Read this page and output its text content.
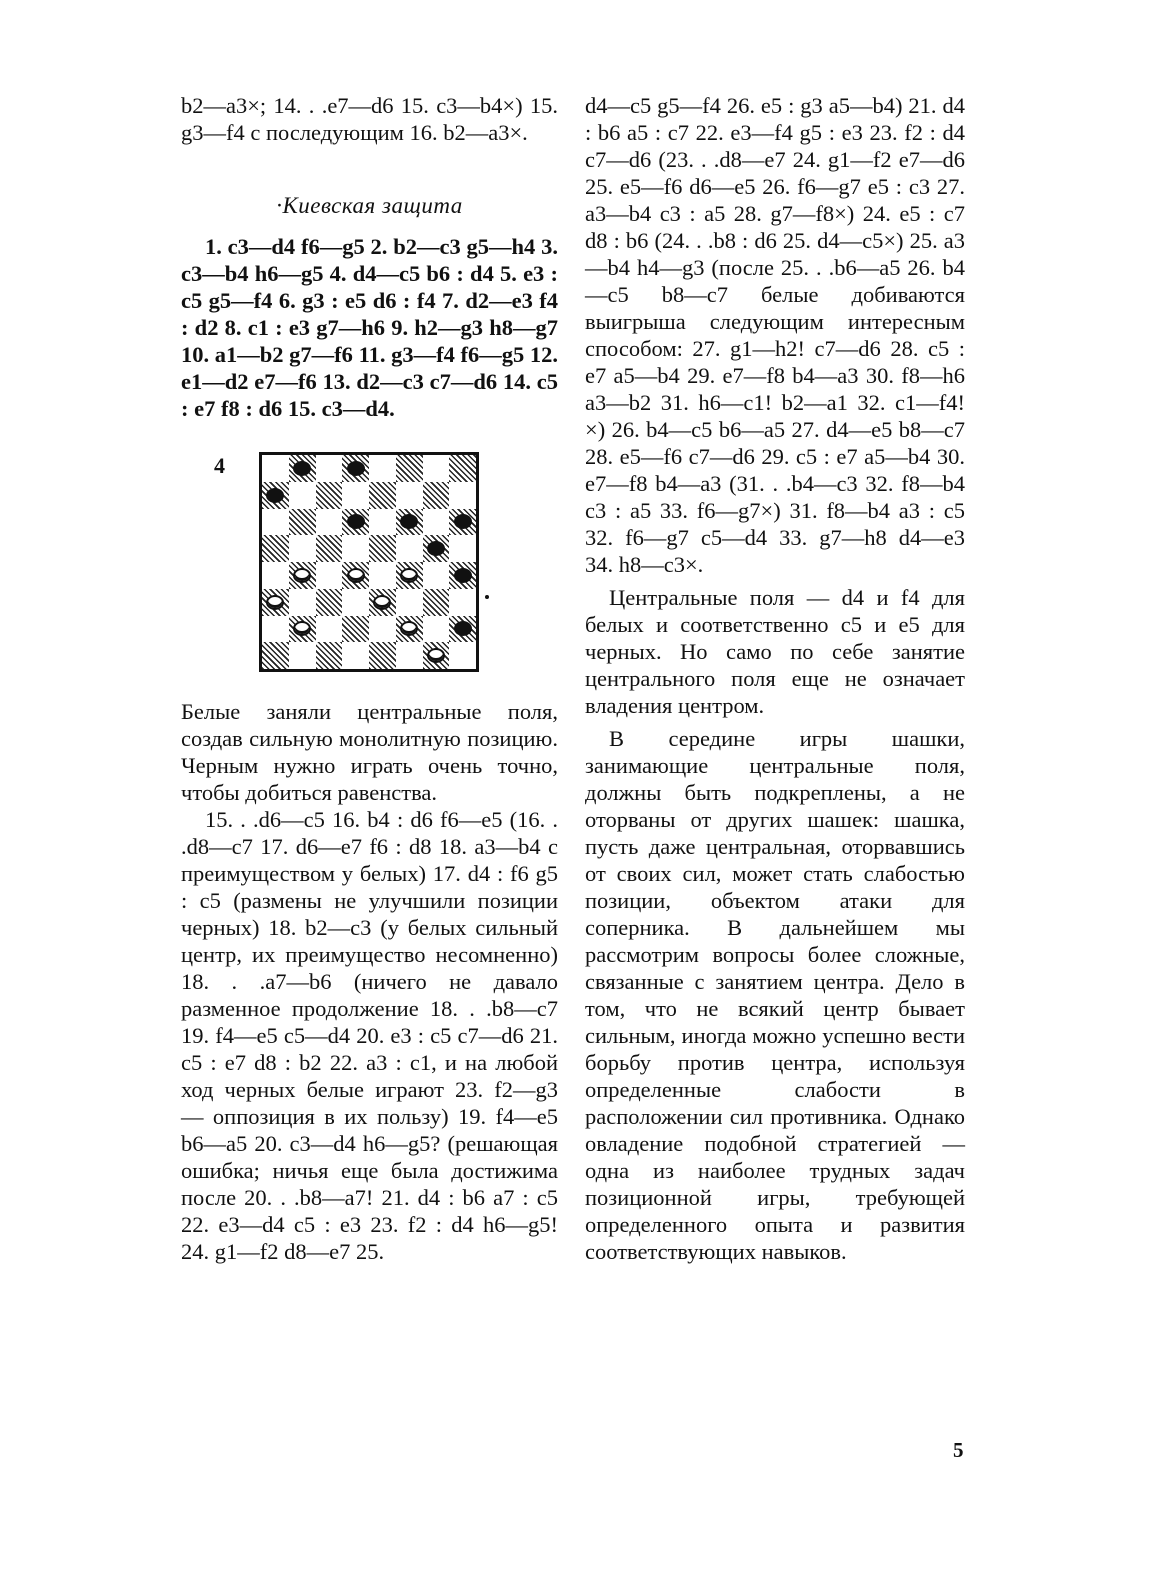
b2—a3×; 14. . .e7—d6 15. c3—b4×) 15. g3—f4 с последующим 16. b2—a3×.

·Киевская защита

1. c3—d4 f6—g5 2. b2—c3 g5—h4 3. c3—b4 h6—g5 4. d4—c5 b6 : d4 5. e3 : c5 g5—f4 6. g3 : e5 d6 : f4 7. d2—e3 f4 : d2 8. c1 : e3 g7—h6 9. h2—g3 h8—g7 10. a1—b2 g7—f6 11. g3—f4 f6—g5 12. e1—d2 e7—f6 13. d2—c3 c7—d6 14. c5 : e7 f8 : d6 15. c3—d4.

4

Белые заняли центральные поля, создав сильную монолитную позицию. Черным нужно играть очень точно, чтобы добиться равенства.

15. . .d6—c5 16. b4 : d6 f6—e5 (16. . .d8—c7 17. d6—e7 f6 : d8 18. a3—b4 с преимуществом у белых) 17. d4 : f6 g5 : c5 (размены не улучшили позиции черных) 18. b2—c3 (у белых сильный центр, их преимущество несомненно) 18. . .a7—b6 (ничего не давало разменное продолжение 18. . .b8—c7 19. f4—e5 c5—d4 20. e3 : c5 c7—d6 21. c5 : e7 d8 : b2 22. a3 : c1, и на любой ход черных белые играют 23. f2—g3 — оппозиция в их пользу) 19. f4—e5 b6—a5 20. c3—d4 h6—g5? (решающая ошибка; ничья еще была достижима после 20. . .b8—a7! 21. d4 : b6 a7 : c5 22. e3—d4 c5 : e3 23. f2 : d4 h6—g5! 24. g1—f2 d8—e7 25.

d4—c5 g5—f4 26. e5 : g3 a5—b4) 21. d4 : b6 a5 : c7 22. e3—f4 g5 : e3 23. f2 : d4 c7—d6 (23. . .d8—e7 24. g1—f2 e7—d6 25. e5—f6 d6—e5 26. f6—g7 e5 : c3 27. a3—b4 c3 : a5 28. g7—f8×) 24. e5 : c7 d8 : b6 (24. . .b8 : d6 25. d4—c5×) 25. a3—b4 h4—g3 (после 25. . .b6—a5 26. b4—c5 b8—c7 белые добиваются выигрыша следующим интересным способом: 27. g1—h2! c7—d6 28. c5 : e7 a5—b4 29. e7—f8 b4—a3 30. f8—h6 a3—b2 31. h6—c1! b2—a1 32. c1—f4!×) 26. b4—c5 b6—a5 27. d4—e5 b8—c7 28. e5—f6 c7—d6 29. c5 : e7 a5—b4 30. e7—f8 b4—a3 (31. . .b4—c3 32. f8—b4 c3 : a5 33. f6—g7×) 31. f8—b4 a3 : c5 32. f6—g7 c5—d4 33. g7—h8 d4—e3 34. h8—c3×.

Центральные поля — d4 и f4 для белых и соответственно c5 и e5 для черных. Но само по себе занятие центрального поля еще не означает владения центром.

В середине игры шашки, занимающие центральные поля, должны быть подкреплены, а не оторваны от других шашек: шашка, пусть даже центральная, оторвавшись от своих сил, может стать слабостью позиции, объектом атаки для соперника. В дальнейшем мы рассмотрим вопросы более сложные, связанные с занятием центра. Дело в том, что не всякий центр бывает сильным, иногда можно успешно вести борьбу против центра, используя определенные слабости в расположении сил противника. Однако овладение подобной стратегией — одна из наиболее трудных задач позиционной игры, требующей определенного опыта и развития соответствующих навыков.

5
